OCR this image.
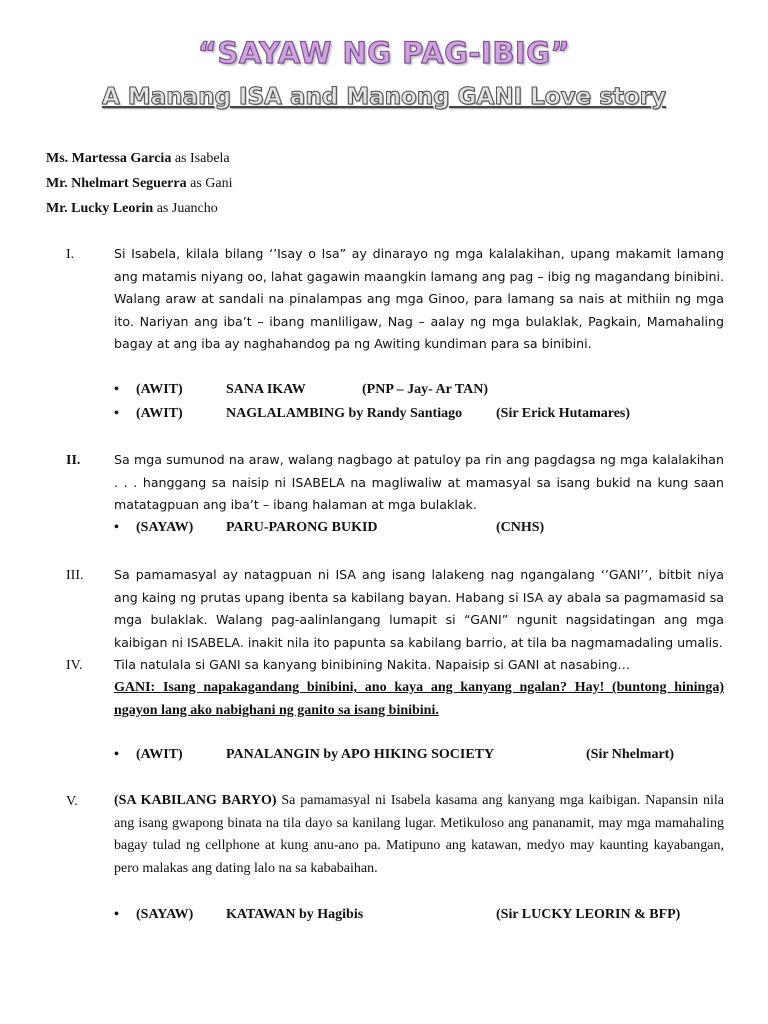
“SAYAW NG PAG-IBIG”
A Manang ISA and Manong GANI Love story
Ms. Martessa Garcia as Isabela
Mr. Nhelmart Seguerra as Gani
Mr. Lucky Leorin as Juancho
I.	Si Isabela, kilala bilang ‘’Isay o Isa” ay dinarayo ng mga kalalakihan, upang makamit lamang ang matamis niyang oo, lahat gagawin maangkin lamang ang pag – ibig ng magandang binibini. Walang araw at sandali na pinalampas ang mga Ginoo, para lamang sa nais at mithiin ng mga ito. Nariyan ang iba’t – ibang manliligaw, Nag – aalay ng mga bulaklak, Pagkain, Mamahaling bagay at ang iba ay naghahandog pa ng Awiting kundiman para sa binibini.
• (AWIT)	SANA IKAW	(PNP – Jay- Ar TAN)
• (AWIT)	NAGLALAMBING by Randy Santiago (Sir Erick Hutamares)
II.	Sa mga sumunod na araw, walang nagbago at patuloy pa rin ang pagdagsa ng mga kalalakihan . . . hanggang sa naisip ni ISABELA na magliwaliw at mamasyal sa isang bukid na kung saan matatagpuan ang iba’t – ibang halaman at mga bulaklak.
• (SAYAW) PARU-PARONG BUKID	(CNHS)
III. Sa pamamasyal ay natagpuan ni ISA ang isang lalakeng nag ngangalang ‘’GANI’’, bitbit niya ang kaing ng prutas upang ibenta sa kabilang bayan. Habang si ISA ay abala sa pagmamasid sa mga bulaklak. Walang pag-aalinlangang lumapit si “GANI” ngunit nagsidatingan ang mga kaibigan ni ISABELA. inakit nila ito papunta sa kabilang barrio, at tila ba nagmamadaling umalis.
IV.	Tila natulala si GANI sa kanyang binibining Nakita. Napaisip si GANI at nasabing…
GANI: Isang napakagandang binibini, ano kaya ang kanyang ngalan? Hay! (buntong hininga) ngayon lang ako nabighani ng ganito sa isang binibini.
• (AWIT)	PANALANGIN by APO HIKING SOCIETY	(Sir Nhelmart)
V.	(SA KABILANG BARYO) Sa pamamasyal ni Isabela kasama ang kanyang mga kaibigan. Napansin nila ang isang gwapong binata na tila dayo sa kanilang lugar. Metikuloso ang pananamit, may mga mamahaling bagay tulad ng cellphone at kung anu-ano pa. Matipuno ang katawan, medyo may kaunting kayabangan, pero malakas ang dating lalo na sa kababaihan.
• (SAYAW) KATAWAN by Hagibis	(Sir LUCKY LEORIN & BFP)
